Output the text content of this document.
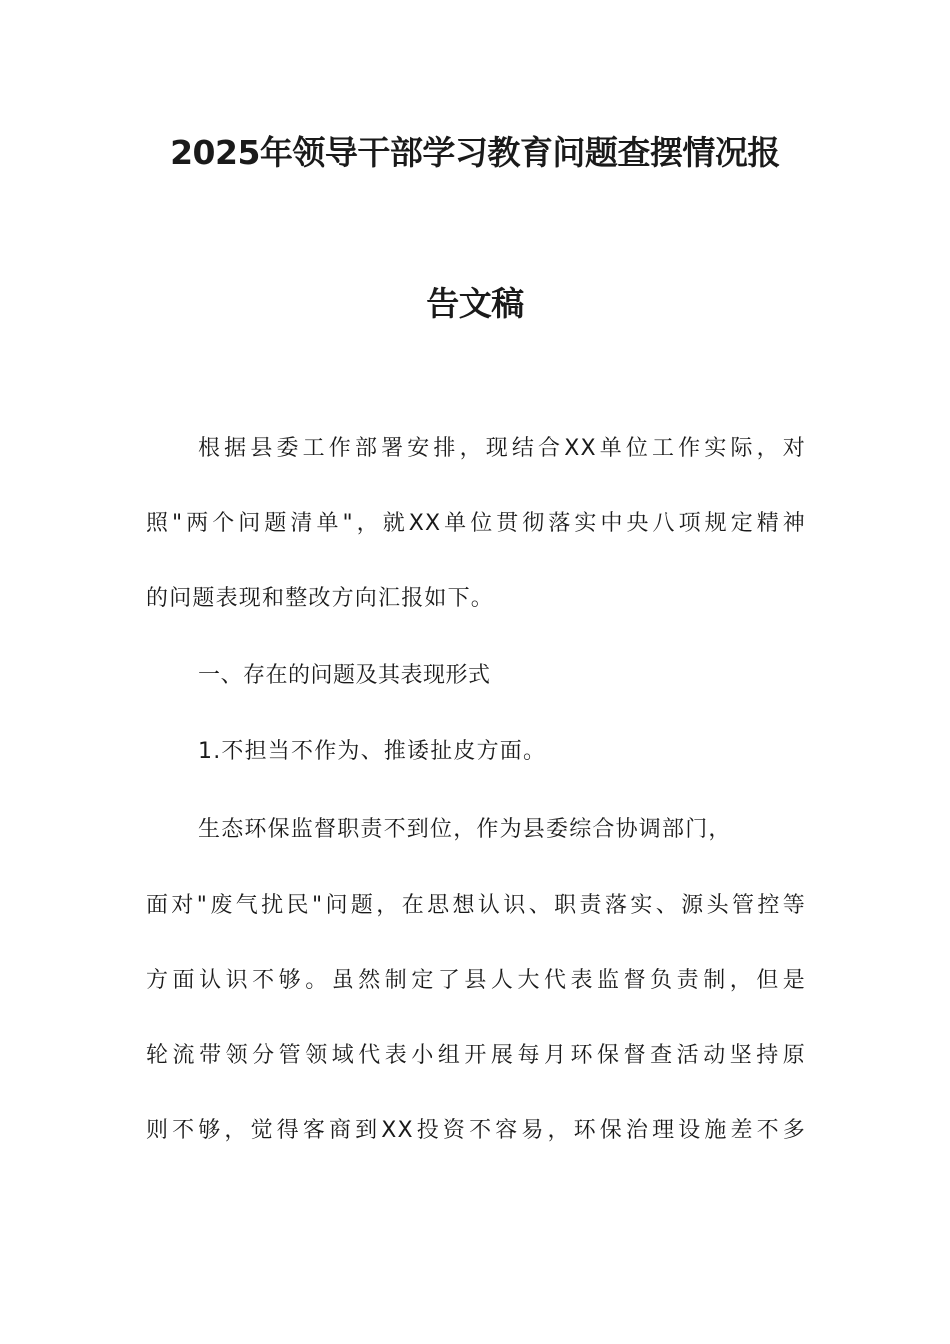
2025年领导干部学习教育问题查摆情况报
告文稿
根据县委工作部署安排，现结合XX单位工作实际，对
照"两个问题清单"，就XX单位贯彻落实中央八项规定精神
的问题表现和整改方向汇报如下。
一、存在的问题及其表现形式
1.不担当不作为、推诿扯皮方面。
生态环保监督职责不到位，作为县委综合协调部门，
面对"废气扰民"问题，在思想认识、职责落实、源头管控等
方面认识不够。虽然制定了县人大代表监督负责制，但是
轮流带领分管领域代表小组开展每月环保督查活动坚持原
则不够，觉得客商到XX投资不容易，环保治理设施差不多
